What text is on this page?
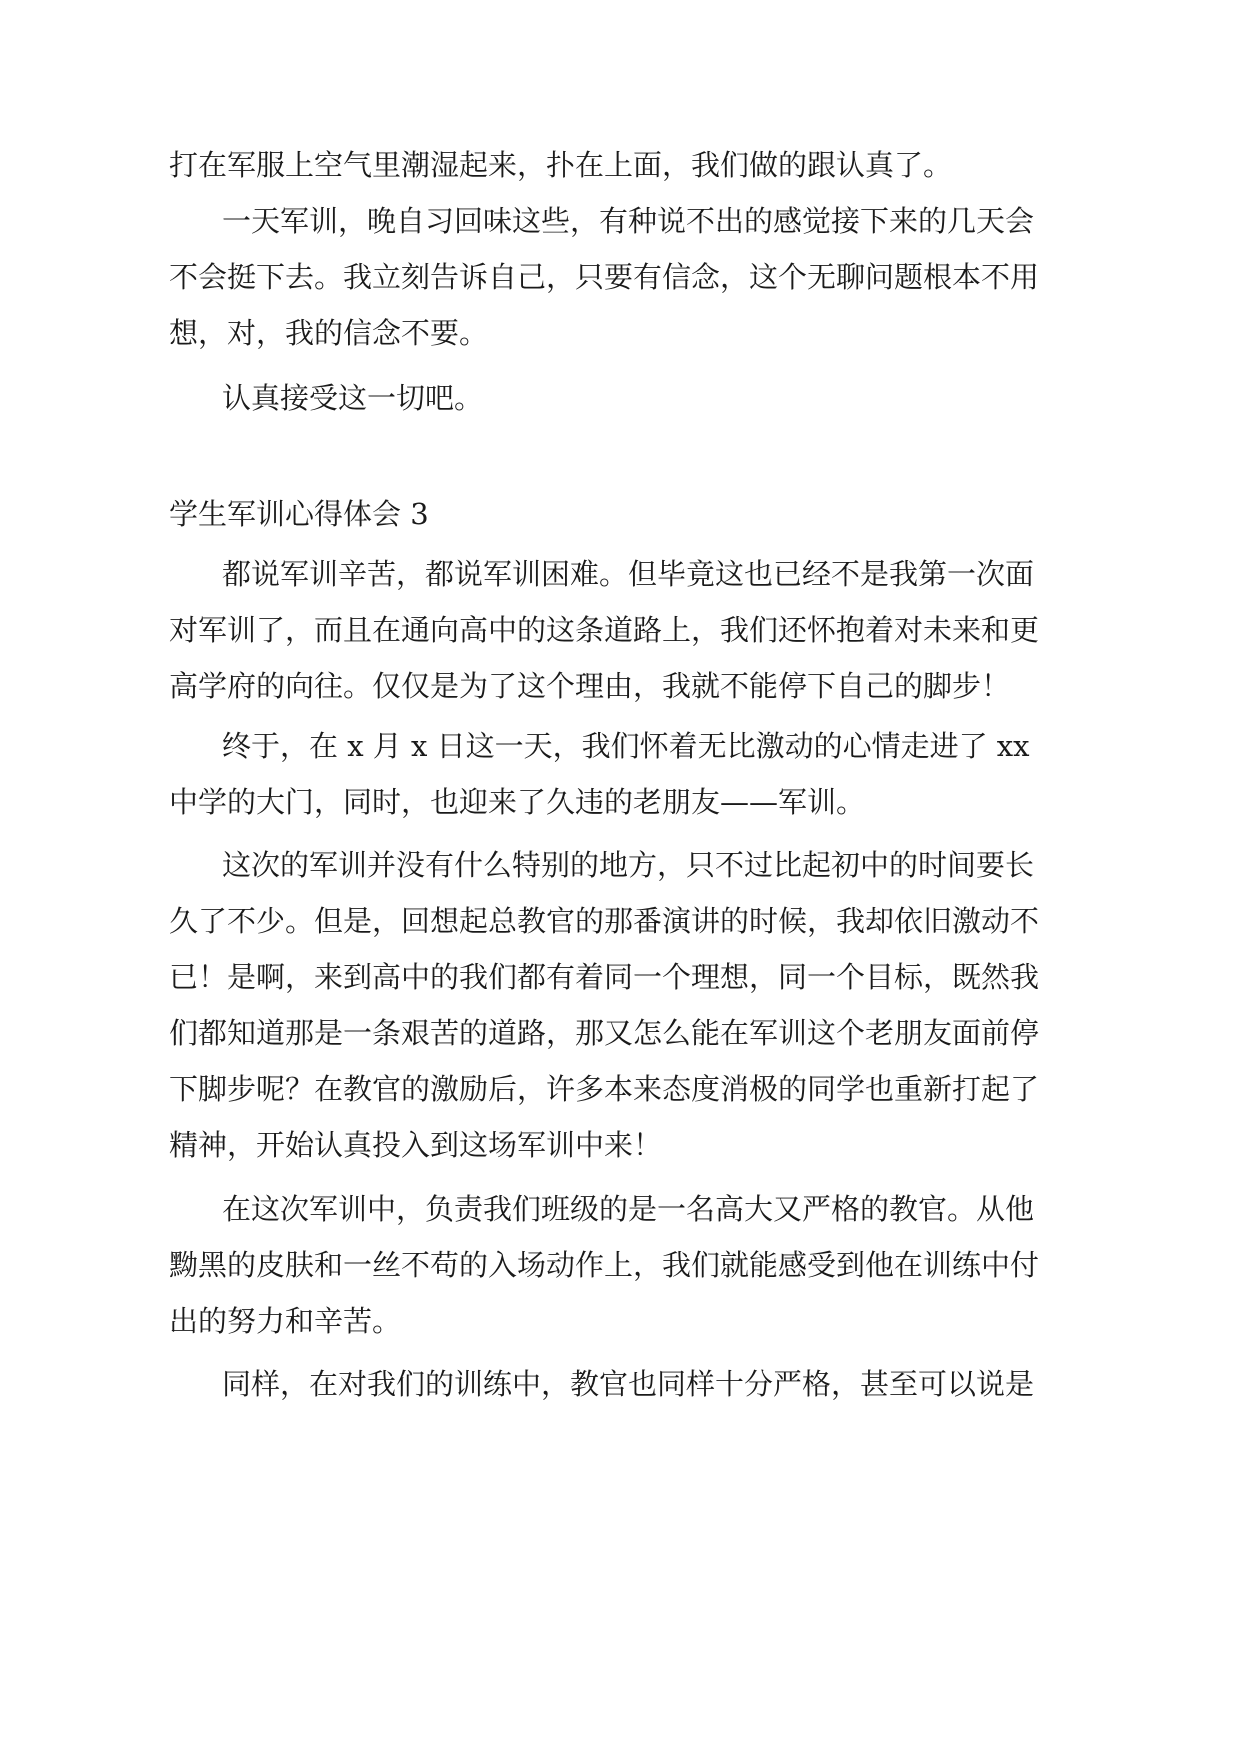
打在军服上空气里潮湿起来，扑在上面，我们做的跟认真了。
一天军训，晚自习回味这些，有种说不出的感觉接下来的几天会
不会挺下去。我立刻告诉自己，只要有信念，这个无聊问题根本不用
想，对，我的信念不要。
认真接受这一切吧。
学生军训心得体会 3
都说军训辛苦，都说军训困难。但毕竟这也已经不是我第一次面
对军训了，而且在通向高中的这条道路上，我们还怀抱着对未来和更
高学府的向往。仅仅是为了这个理由，我就不能停下自己的脚步！
终于，在 x 月 x 日这一天，我们怀着无比激动的心情走进了 xx
中学的大门，同时，也迎来了久违的老朋友——军训。
这次的军训并没有什么特别的地方，只不过比起初中的时间要长
久了不少。但是，回想起总教官的那番演讲的时候，我却依旧激动不
已！是啊，来到高中的我们都有着同一个理想，同一个目标，既然我
们都知道那是一条艰苦的道路，那又怎么能在军训这个老朋友面前停
下脚步呢？在教官的激励后，许多本来态度消极的同学也重新打起了
精神，开始认真投入到这场军训中来！
在这次军训中，负责我们班级的是一名高大又严格的教官。从他
黝黑的皮肤和一丝不苟的入场动作上，我们就能感受到他在训练中付
出的努力和辛苦。
同样，在对我们的训练中，教官也同样十分严格，甚至可以说是
